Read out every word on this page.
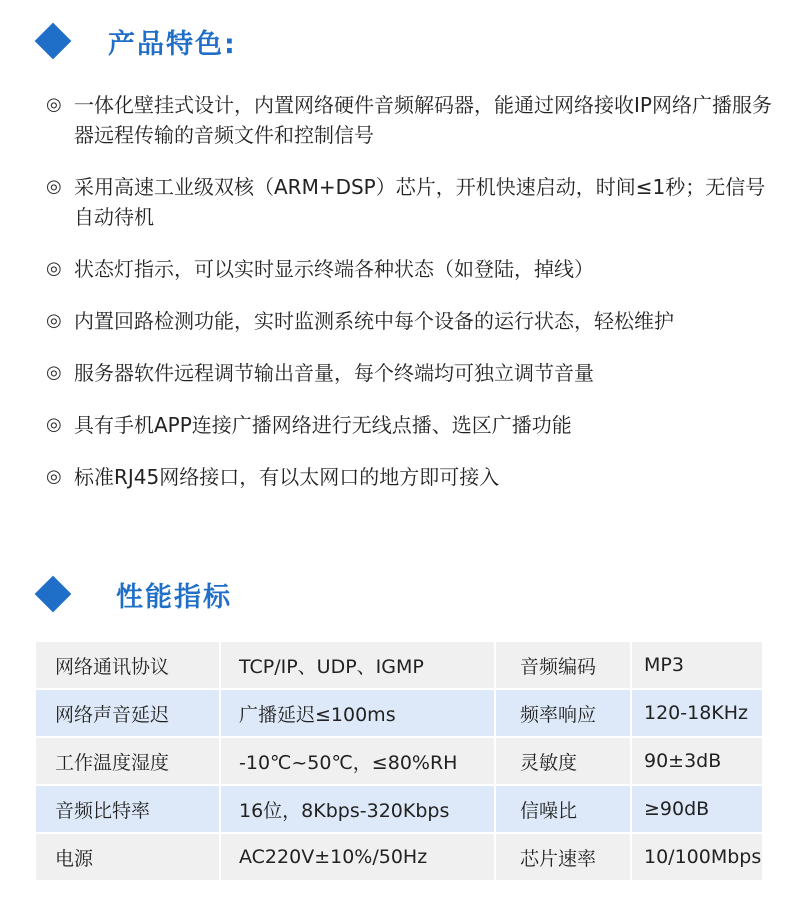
产品特色:
◎ 一体化壁挂式设计，内置网络硬件音频解码器，能通过网络接收IP网络广播服务器远程传输的音频文件和控制信号
◎ 采用高速工业级双核（ARM+DSP）芯片，开机快速启动，时间≤1秒；无信号自动待机
◎ 状态灯指示，可以实时显示终端各种状态（如登陆，掉线）
◎ 内置回路检测功能，实时监测系统中每个设备的运行状态，轻松维护
◎ 服务器软件远程调节输出音量，每个终端均可独立调节音量
◎ 具有手机APP连接广播网络进行无线点播、选区广播功能
◎ 标准RJ45网络接口，有以太网口的地方即可接入
性能指标
网络通讯协议	TCP/IP、UDP、IGMP	音频编码	MP3
网络声音延迟	广播延迟≤100ms	频率响应	120-18KHz
工作温度湿度	-10℃~50℃，≤80%RH	灵敏度	90±3dB
音频比特率	16位，8Kbps-320Kbps	信噪比	≥90dB
电源	AC220V±10%/50Hz	芯片速率	10/100Mbps
